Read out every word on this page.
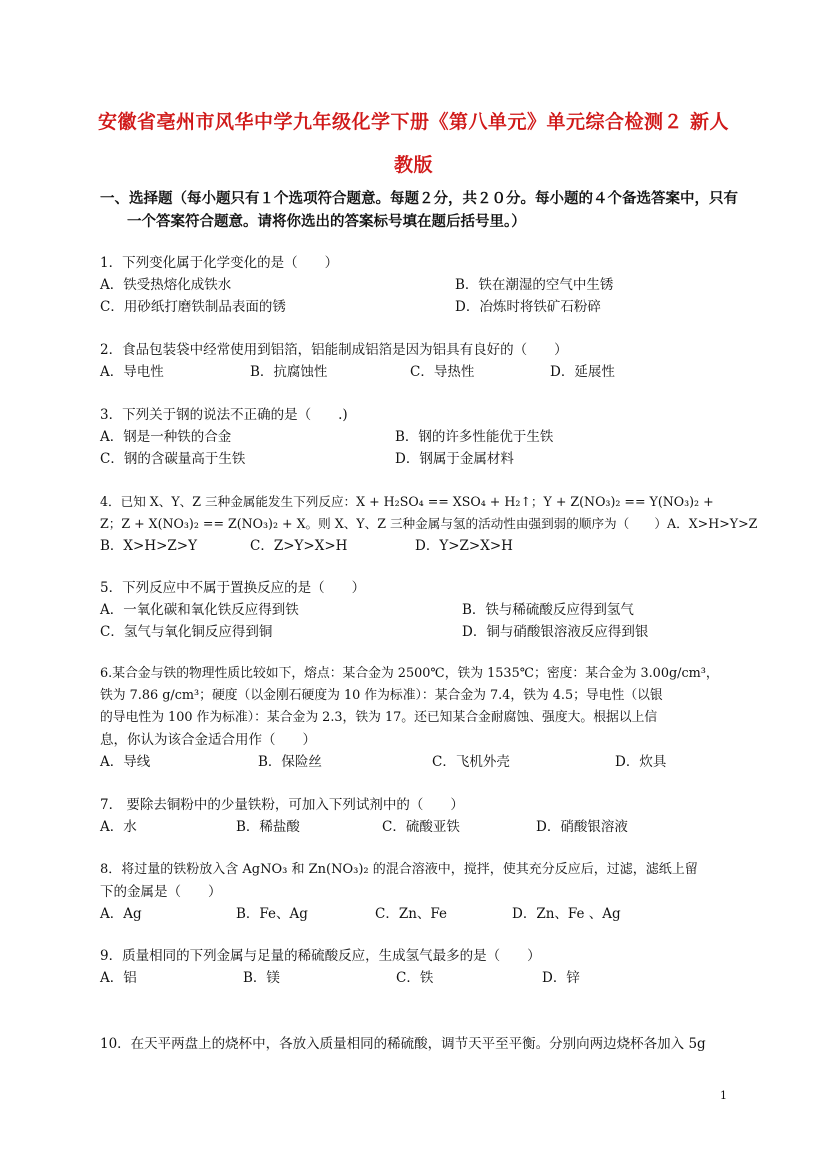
安徽省亳州市风华中学九年级化学下册《第八单元》单元综合检测２ 新人
教版
一、选择题（每小题只有１个选项符合题意。每题２分，共２０分。每小题的４个备选答案中，只有
一个答案符合题意。请将你选出的答案标号填在题后括号里。）
1．下列变化属于化学变化的是（　　）
A．铁受热熔化成铁水	B．铁在潮湿的空气中生锈
C．用砂纸打磨铁制品表面的锈	D．冶炼时将铁矿石粉碎
2．食品包装袋中经常使用到铝箔，铝能制成铝箔是因为铝具有良好的（　　）
A．导电性	B．抗腐蚀性	C．导热性	D．延展性
3．下列关于钢的说法不正确的是（　　.)
A．钢是一种铁的合金	B．钢的许多性能优于生铁
C．钢的含碳量高于生铁	D．钢属于金属材料
4．已知 X、Y、Z 三种金属能发生下列反应：X + H₂SO₄ == XSO₄ + H₂↑；Y + Z(NO₃)₂ == Y(NO₃)₂ +
Z；Z + X(NO₃)₂ == Z(NO₃)₂ + X。则 X、Y、Z 三种金属与氢的活动性由强到弱的顺序为（　　）A．X>H>Y>Z
B．X>H>Z>Y	C．Z>Y>X>H	D．Y>Z>X>H
5．下列反应中不属于置换反应的是（　　）
A．一氧化碳和氧化铁反应得到铁	B．铁与稀硫酸反应得到氢气
C．氢气与氧化铜反应得到铜	D．铜与硝酸银溶液反应得到银
6.某合金与铁的物理性质比较如下，熔点：某合金为 2500℃，铁为 1535℃；密度：某合金为 3.00g/cm³，
铁为 7.86 g/cm³；硬度（以金刚石硬度为 10 作为标准）：某合金为 7.4，铁为 4.5；导电性（以银
的导电性为 100 作为标准）：某合金为 2.3，铁为 17。还已知某合金耐腐蚀、强度大。根据以上信
息，你认为该合金适合用作（　　）
A．导线	B．保险丝	C．飞机外壳	D．炊具
7． 要除去铜粉中的少量铁粉，可加入下列试剂中的（　　）
A．水	B．稀盐酸	C．硫酸亚铁	D．硝酸银溶液
8．将过量的铁粉放入含 AgNO₃ 和 Zn(NO₃)₂ 的混合溶液中，搅拌，使其充分反应后，过滤，滤纸上留
下的金属是（　　）
A．Ag	B．Fe、Ag	C．Zn、Fe	D．Zn、Fe 、Ag
9．质量相同的下列金属与足量的稀硫酸反应，生成氢气最多的是（　　）
A．铝	B．镁	C．铁	D．锌
10．在天平两盘上的烧杯中，各放入质量相同的稀硫酸，调节天平至平衡。分别向两边烧杯各加入 5g
1
